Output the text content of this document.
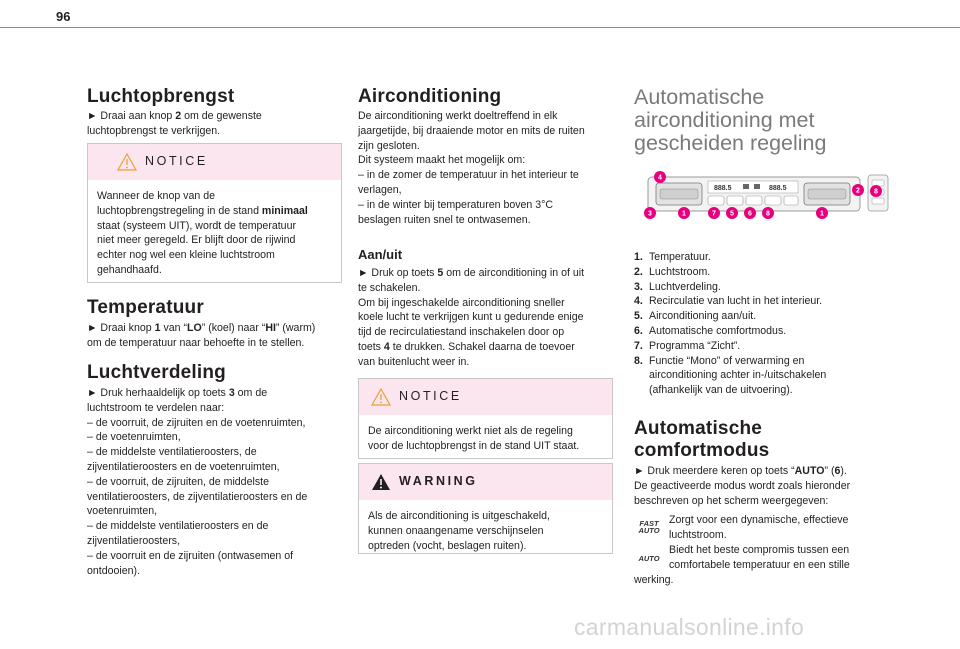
96
Luchtopbrengst
► Draai aan knop 2 om de gewenste
luchtopbrengst te verkrijgen.
NOTICE
Wanneer de knop van de
luchtopbrengstregeling in de stand minimaal
staat (systeem UIT), wordt de temperatuur
niet meer geregeld. Er blijft door de rijwind
echter nog wel een kleine luchtstroom
gehandhaafd.
Temperatuur
► Draai knop 1 van “LO” (koel) naar “HI” (warm)
om de temperatuur naar behoefte in te stellen.
Luchtverdeling
► Druk herhaaldelijk op toets 3 om de
luchtstroom te verdelen naar:
– de voorruit, de zijruiten en de voetenruimten,
– de voetenruimten,
– de middelste ventilatieroosters, de
zijventilatieroosters en de voetenruimten,
– de voorruit, de zijruiten, de middelste
ventilatieroosters, de zijventilatieroosters en de
voetenruimten,
– de middelste ventilatieroosters en de
zijventilatieroosters,
– de voorruit en de zijruiten (ontwasemen of
ontdooien).
Airconditioning
De airconditioning werkt doeltreffend in elk
jaargetijde, bij draaiende motor en mits de ruiten
zijn gesloten.
Dit systeem maakt het mogelijk om:
– in de zomer de temperatuur in het interieur te
verlagen,
– in de winter bij temperaturen boven 3°C
beslagen ruiten snel te ontwasemen.
Aan/uit
► Druk op toets 5 om de airconditioning in of uit
te schakelen.
Om bij ingeschakelde airconditioning sneller
koele lucht te verkrijgen kunt u gedurende enige
tijd de recirculatiestand inschakelen door op
toets 4 te drukken. Schakel daarna de toevoer
van buitenlucht weer in.
NOTICE
De airconditioning werkt niet als de regeling
voor de luchtopbrengst in de stand UIT staat.
WARNING
Als de airconditioning is uitgeschakeld,
kunnen onaangename verschijnselen
optreden (vocht, beslagen ruiten).
Automatische
airconditioning met
gescheiden regeling
888.5	888.5
4
2 8
3	1	7 5 6 8	1
1. Temperatuur.
2. Luchtstroom.
3. Luchtverdeling.
4. Recirculatie van lucht in het interieur.
5. Airconditioning aan/uit.
6. Automatische comfortmodus.
7. Programma “Zicht”.
8. Functie “Mono” of verwarming en
airconditioning achter in-/uitschakelen
(afhankelijk van de uitvoering).
Automatische
comfortmodus
► Druk meerdere keren op toets “AUTO” (6).
De geactiveerde modus wordt zoals hieronder
beschreven op het scherm weergegeven:
FAST
AUTO
Zorgt voor een dynamische, effectieve
luchtstroom.
AUTO
Biedt het beste compromis tussen een
comfortabele temperatuur en een stille
werking.
carmanualsonline.info
